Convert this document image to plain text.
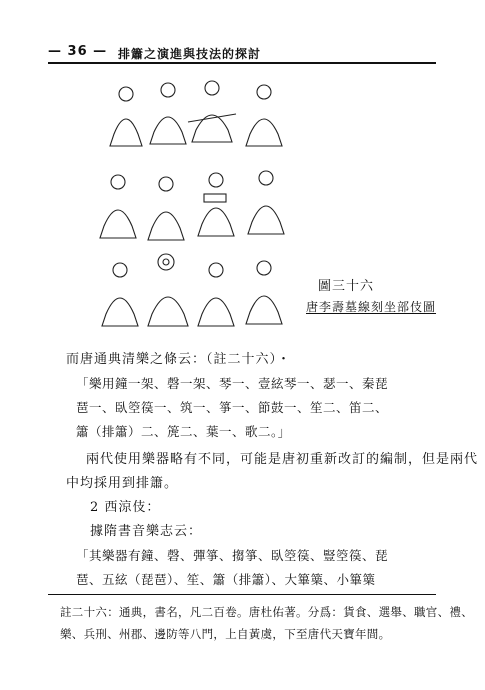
— 36 — 排簫之演進與技法的探討
圖三十六
唐李壽墓線刻坐部伎圖
而唐通典清樂之條云：（註二十六）・
「樂用鐘一架、磬一架、琴一、壹絃琴一、瑟一、秦琵
琶一、臥箜篌一、筑一、箏一、節鼓一、笙二、笛二、
簫（排簫）二、箎二、葉一、歌二。」
兩代使用樂器略有不同，可能是唐初重新改訂的編制，但是兩代
中均採用到排簫。
2 西涼伎：
據隋書音樂志云：
「其樂器有鐘、磬、彈箏、搊箏、臥箜篌、豎箜篌、琵
琶、五絃（琵琶）、笙、簫（排簫）、大篳篥、小篳篥
註二十六：通典，書名，凡二百卷。唐杜佑著。分爲：貨食、選舉、職官、禮、
樂、兵刑、州郡、邊防等八門，上自黃虞，下至唐代天寶年間。
